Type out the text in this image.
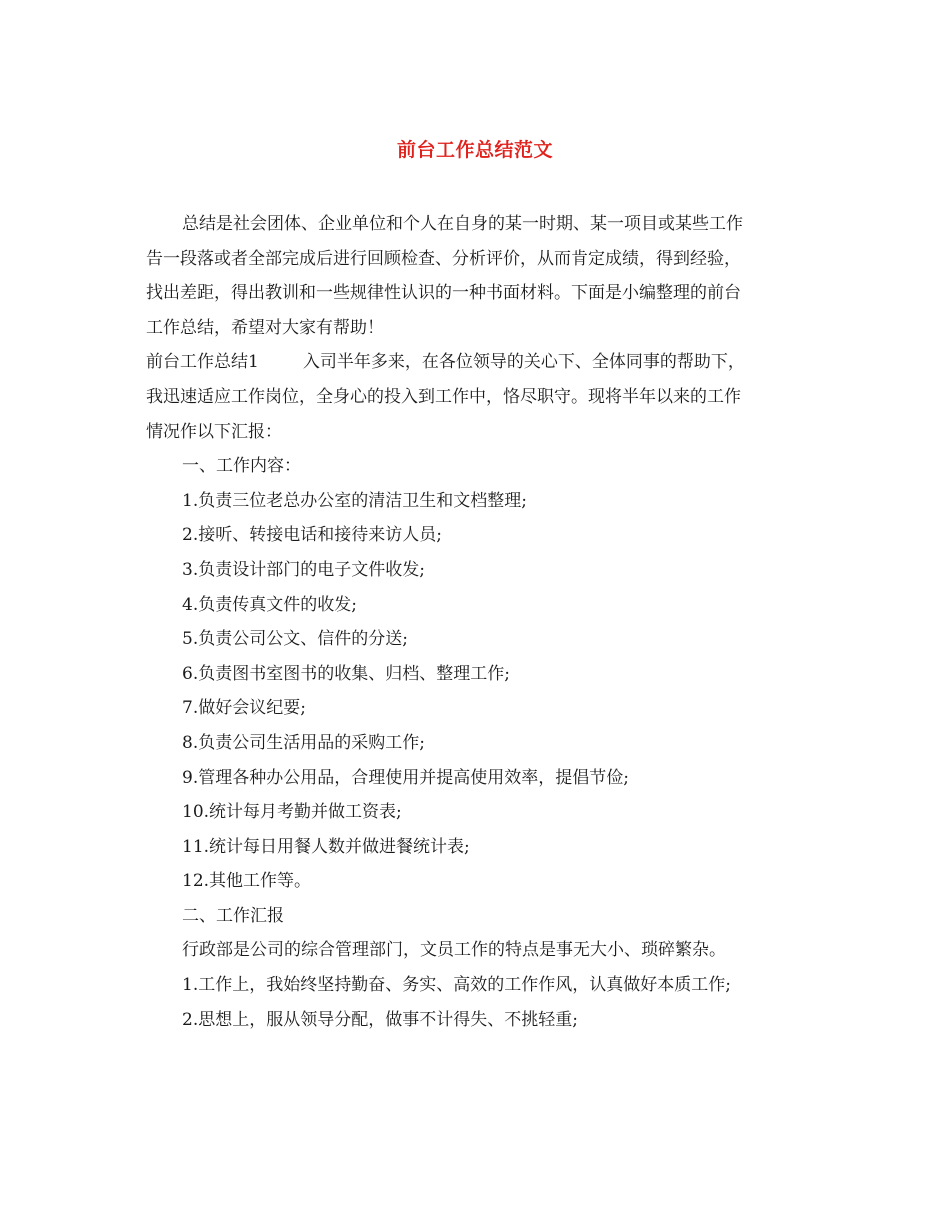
前台工作总结范文

总结是社会团体、企业单位和个人在自身的某一时期、某一项目或某些工作

告一段落或者全部完成后进行回顾检查、分析评价，从而肯定成绩，得到经验，

找出差距，得出教训和一些规律性认识的一种书面材料。下面是小编整理的前台

工作总结，希望对大家有帮助！

前台工作总结1	入司半年多来，在各位领导的关心下、全体同事的帮助下，

我迅速适应工作岗位，全身心的投入到工作中，恪尽职守。现将半年以来的工作

情况作以下汇报：

一、工作内容：

1.负责三位老总办公室的清洁卫生和文档整理;

2.接听、转接电话和接待来访人员;

3.负责设计部门的电子文件收发;

4.负责传真文件的收发;

5.负责公司公文、信件的分送;

6.负责图书室图书的收集、归档、整理工作;

7.做好会议纪要;

8.负责公司生活用品的采购工作;

9.管理各种办公用品，合理使用并提高使用效率，提倡节俭;

10.统计每月考勤并做工资表;

11.统计每日用餐人数并做进餐统计表;

12.其他工作等。

二、工作汇报

行政部是公司的综合管理部门，文员工作的特点是事无大小、琐碎繁杂。

1.工作上，我始终坚持勤奋、务实、高效的工作作风，认真做好本质工作;

2.思想上，服从领导分配，做事不计得失、不挑轻重;
